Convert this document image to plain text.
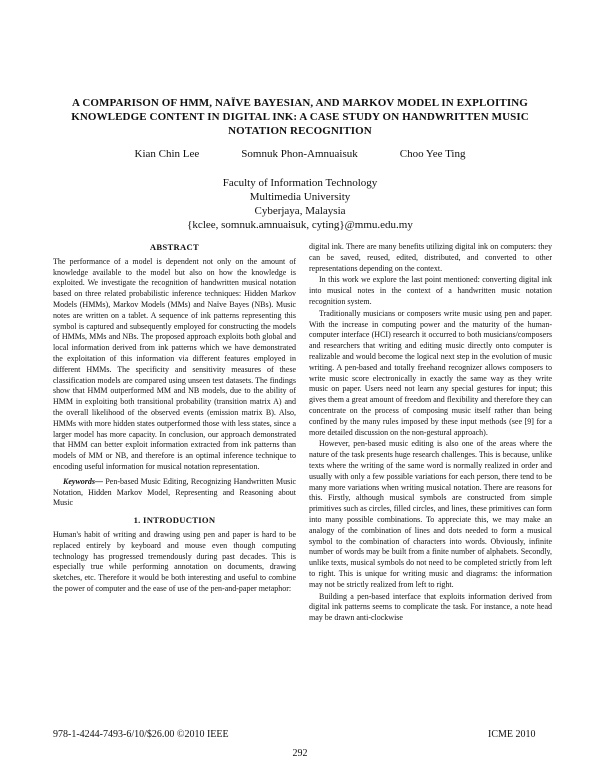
A COMPARISON OF HMM, NAÏVE BAYESIAN, AND MARKOV MODEL IN EXPLOITING KNOWLEDGE CONTENT IN DIGITAL INK: A CASE STUDY ON HANDWRITTEN MUSIC NOTATION RECOGNITION
Kian Chin Lee	Somnuk Phon-Amnuaisuk	Choo Yee Ting
Faculty of Information Technology
Multimedia University
Cyberjaya, Malaysia
{kclee, somnuk.amnuaisuk, cyting}@mmu.edu.my
ABSTRACT

The performance of a model is dependent not only on the amount of knowledge available to the model but also on how the knowledge is exploited. We investigate the recognition of handwritten musical notation based on three related probabilistic inference techniques: Hidden Markov Models (HMMs), Markov Models (MMs) and Naïve Bayes (NBs). Music notes are written on a tablet. A sequence of ink patterns representing this symbol is captured and subsequently employed for constructing the models of HMMs, MMs and NBs. The proposed approach exploits both global and local information derived from ink patterns which we have demonstrated the exploitation of this information via different features employed in different HMMs. The specificity and sensitivity measures of these classification models are compared using unseen test datasets. The findings show that HMM outperformed MM and NB models, due to the ability of HMM in exploiting both transitional probability (transition matrix A) and the overall likelihood of the observed events (emission matrix B). Also, HMMs with more hidden states outperformed those with less states, since a larger model has more capacity. In conclusion, our approach demonstrated that HMM can better exploit information extracted from ink patterns than models of MM or NB, and therefore is an optimal inference technique to encoding useful information for musical notation representation.

Keywords— Pen-based Music Editing, Recognizing Handwritten Music Notation, Hidden Markov Model, Representing and Reasoning about Music

1. INTRODUCTION

Human's habit of writing and drawing using pen and paper is hard to be replaced entirely by keyboard and mouse even though computing technology has progressed tremendously during past decades. This is especially true while performing annotation on documents, drawing sketches, etc. Therefore it would be both interesting and useful to combine the power of computer and the ease of use of the pen-and-paper metaphor:

digital ink. There are many benefits utilizing digital ink on computers: they can be saved, reused, edited, distributed, and converted to other representations depending on the context.

In this work we explore the last point mentioned: converting digital ink into musical notes in the context of a handwritten music notation recognition system.

Traditionally musicians or composers write music using pen and paper. With the increase in computing power and the maturity of the human-computer interface (HCI) research it occurred to both musicians/composers and researchers that writing and editing music directly onto computer is realizable and would become the logical next step in the evolution of music writing. A pen-based and totally freehand recognizer allows composers to write music score electronically in exactly the same way as they write music on paper. Users need not learn any special gestures for input; this gives them a great amount of freedom and flexibility and therefore they can concentrate on the process of composing music itself rather than being confined by the many rules imposed by these input methods (see [9] for a more detailed discussion on the non-gestural approach).

However, pen-based music editing is also one of the areas where the nature of the task presents huge research challenges. This is because, unlike texts where the writing of the same word is normally realized in order and usually with only a few possible variations for each person, there tend to be many more variations when writing musical notation. There are reasons for this. Firstly, although musical symbols are constructed from simple primitives such as circles, filled circles, and lines, these primitives can form into many possible combinations. To appreciate this, we may make an analogy of the combination of lines and dots needed to form a musical symbol to the combination of characters into words. Obviously, infinite number of words may be built from a finite number of alphabets. Secondly, unlike texts, musical symbols do not need to be completed strictly from left to right. This is unique for writing music and diagrams: the information may not be strictly realized from left to right.

Building a pen-based interface that exploits information derived from digital ink patterns seems to complicate the task. For instance, a note head may be drawn anti-clockwise

978-1-4244-7493-6/10/$26.00 ©2010 IEEE	ICME 2010
292
